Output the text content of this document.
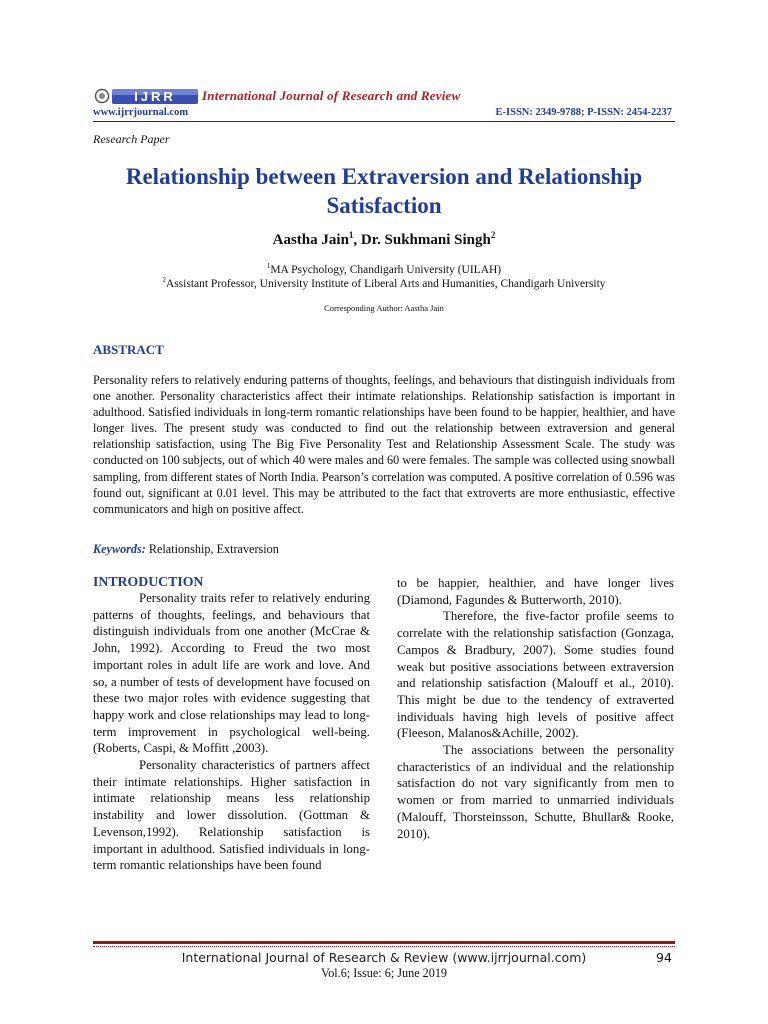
IJRR International Journal of Research and Review
www.ijrrjournal.com	E-ISSN: 2349-9788; P-ISSN: 2454-2237
Research Paper
Relationship between Extraversion and Relationship Satisfaction
Aastha Jain$^1$, Dr. Sukhmani Singh$^2$
$^1$MA Psychology, Chandigarh University (UILAH)
$^2$Assistant Professor, University Institute of Liberal Arts and Humanities, Chandigarh University
Corresponding Author: Aastha Jain
ABSTRACT

Personality refers to relatively enduring patterns of thoughts, feelings, and behaviours that distinguish individuals from one another. Personality characteristics affect their intimate relationships. Relationship satisfaction is important in adulthood. Satisfied individuals in long-term romantic relationships have been found to be happier, healthier, and have longer lives. The present study was conducted to find out the relationship between extraversion and general relationship satisfaction, using The Big Five Personality Test and Relationship Assessment Scale. The study was conducted on 100 subjects, out of which 40 were males and 60 were females. The sample was collected using snowball sampling, from different states of North India. Pearson’s correlation was computed. A positive correlation of 0.596 was found out, significant at 0.01 level. This may be attributed to the fact that extroverts are more enthusiastic, effective communicators and high on positive affect.

Keywords: Relationship, Extraversion
INTRODUCTION

Personality traits refer to relatively enduring patterns of thoughts, feelings, and behaviours that distinguish individuals from one another (McCrae & John, 1992). According to Freud the two most important roles in adult life are work and love. And so, a number of tests of development have focused on these two major roles with evidence suggesting that happy work and close relationships may lead to long-term improvement in psychological well-being. (Roberts, Caspi, & Moffitt ,2003).

Personality characteristics of partners affect their intimate relationships. Higher satisfaction in intimate relationship means less relationship instability and lower dissolution. (Gottman & Levenson,1992). Relationship satisfaction is important in adulthood. Satisfied individuals in long-term romantic relationships have been found

to be happier, healthier, and have longer lives (Diamond, Fagundes & Butterworth, 2010).

Therefore, the five-factor profile seems to correlate with the relationship satisfaction (Gonzaga, Campos & Bradbury, 2007). Some studies found weak but positive associations between extraversion and relationship satisfaction (Malouff et al., 2010). This might be due to the tendency of extraverted individuals having high levels of positive affect (Fleeson, Malanos&Achille, 2002).

The associations between the personality characteristics of an individual and the relationship satisfaction do not vary significantly from men to women or from married to unmarried individuals (Malouff, Thorsteinsson, Schutte, Bhullar& Rooke, 2010).

International Journal of Research & Review (www.ijrrjournal.com)	94
Vol.6; Issue: 6; June 2019
